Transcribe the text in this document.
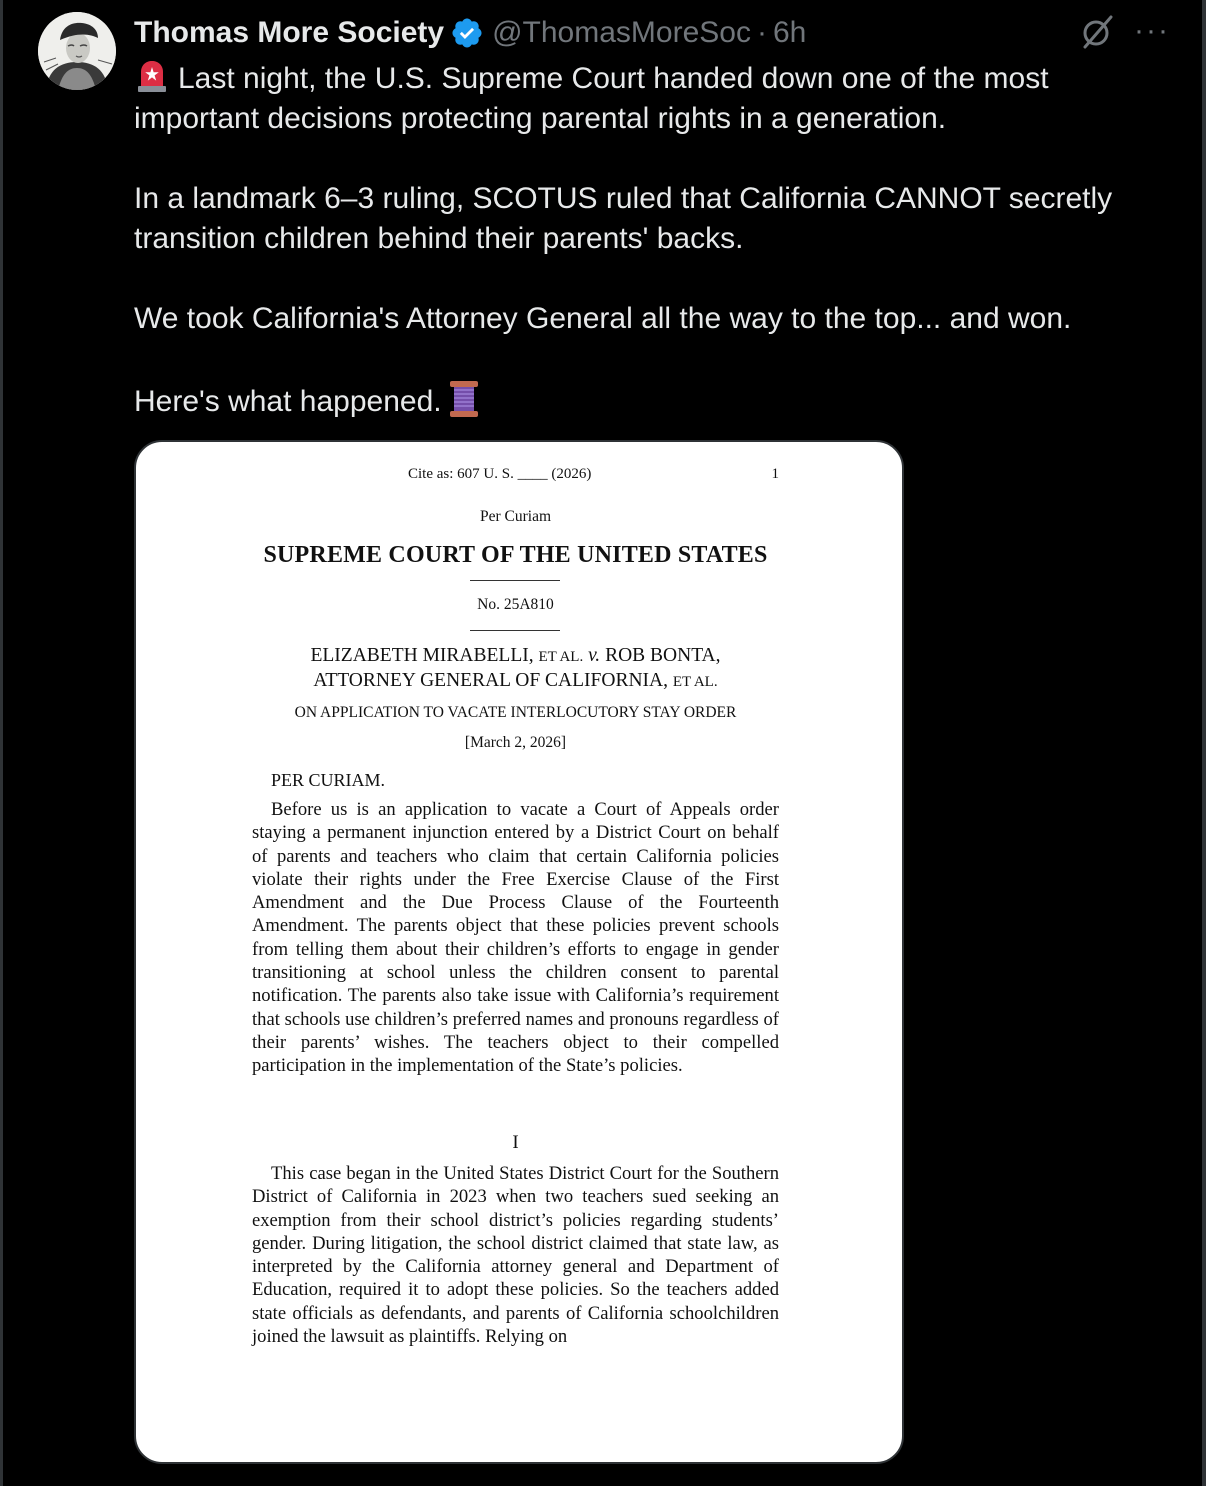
Thomas More Society @ThomasMoreSoc · 6h	···

Last night, the U.S. Supreme Court handed down one of the most important decisions protecting parental rights in a generation.

In a landmark 6–3 ruling, SCOTUS ruled that California CANNOT secretly transition children behind their parents' backs.

We took California's Attorney General all the way to the top... and won.

Here's what happened.

Cite as: 607 U. S. ____ (2026)	1
Per Curiam
SUPREME COURT OF THE UNITED STATES
No. 25A810
ELIZABETH MIRABELLI, ET AL. v. ROB BONTA,
ATTORNEY GENERAL OF CALIFORNIA, ET AL.
ON APPLICATION TO VACATE INTERLOCUTORY STAY ORDER
[March 2, 2026]
PER CURIAM.

Before us is an application to vacate a Court of Appeals order staying a permanent injunction entered by a District Court on behalf of parents and teachers who claim that certain California policies violate their rights under the Free Exercise Clause of the First Amendment and the Due Process Clause of the Fourteenth Amendment. The parents object that these policies prevent schools from telling them about their children’s efforts to engage in gender transitioning at school unless the children consent to parental notification. The parents also take issue with California’s requirement that schools use children’s preferred names and pronouns regardless of their parents’ wishes. The teachers object to their compelled participation in the implementation of the State’s policies.

I

This case began in the United States District Court for the Southern District of California in 2023 when two teachers sued seeking an exemption from their school district’s policies regarding students’ gender. During litigation, the school district claimed that state law, as interpreted by the California attorney general and Department of Education, required it to adopt these policies. So the teachers added state officials as defendants, and parents of California schoolchildren joined the lawsuit as plaintiffs. Relying on
